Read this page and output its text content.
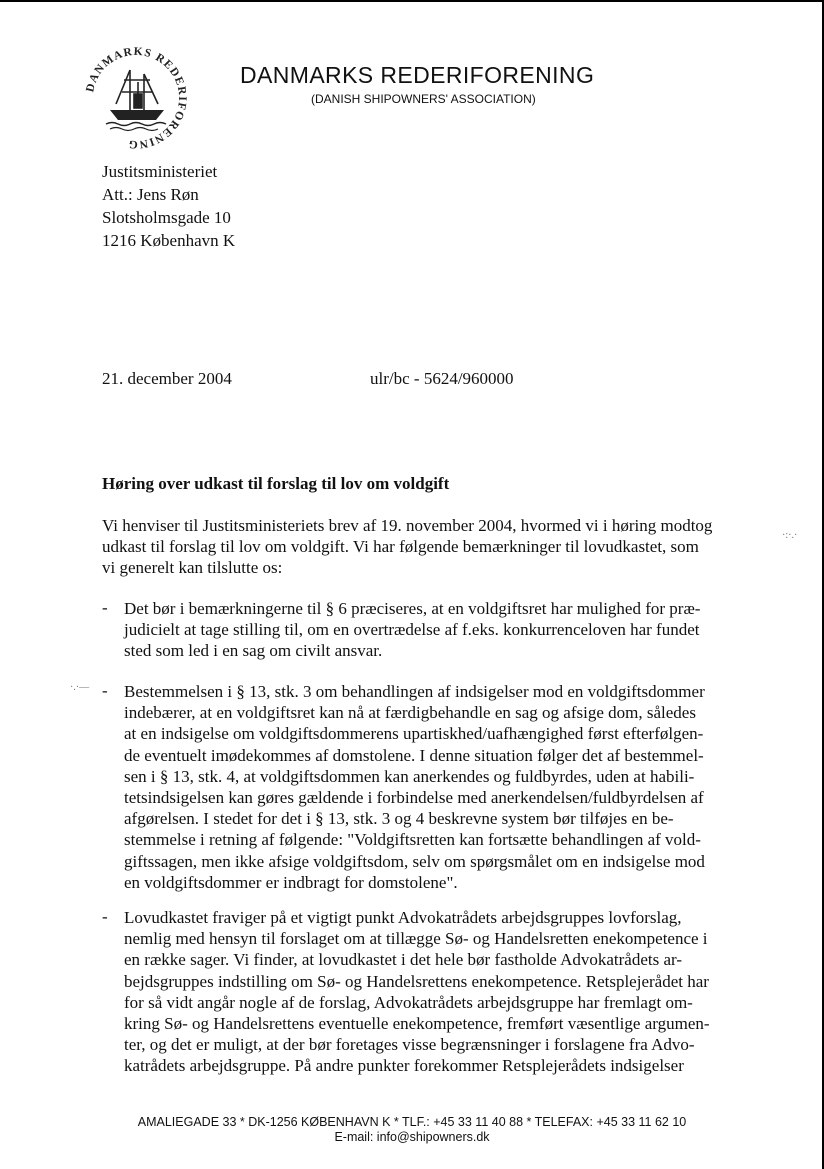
DANMARKS REDERIFORENING
DANMARKS REDERIFORENING
(DANISH SHIPOWNERS' ASSOCIATION)
Justitsministeriet
Att.: Jens Røn
Slotsholmsgade 10
1216 København K
21. december 2004	ulr/bc - 5624/960000
Høring over udkast til forslag til lov om voldgift
Vi henviser til Justitsministeriets brev af 19. november 2004, hvormed vi i høring modtog
udkast til forslag til lov om voldgift. Vi har følgende bemærkninger til lovudkastet, som
vi generelt kan tilslutte os:
- Det bør i bemærkningerne til § 6 præciseres, at en voldgiftsret har mulighed for præ-
judicielt at tage stilling til, om en overtrædelse af f.eks. konkurrenceloven har fundet
sted som led i en sag om civilt ansvar.
- Bestemmelsen i § 13, stk. 3 om behandlingen af indsigelser mod en voldgiftsdommer
indebærer, at en voldgiftsret kan nå at færdigbehandle en sag og afsige dom, således
at en indsigelse om voldgiftsdommerens upartiskhed/uafhængighed først efterfølgen-
de eventuelt imødekommes af domstolene. I denne situation følger det af bestemmel-
sen i § 13, stk. 4, at voldgiftsdommen kan anerkendes og fuldbyrdes, uden at habili-
tetsindsigelsen kan gøres gældende i forbindelse med anerkendelsen/fuldbyrdelsen af
afgørelsen. I stedet for det i § 13, stk. 3 og 4 beskrevne system bør tilføjes en be-
stemmelse i retning af følgende: "Voldgiftsretten kan fortsætte behandlingen af vold-
giftssagen, men ikke afsige voldgiftsdom, selv om spørgsmålet om en indsigelse mod
en voldgiftsdommer er indbragt for domstolene".
- Lovudkastet fraviger på et vigtigt punkt Advokatrådets arbejdsgruppes lovforslag,
nemlig med hensyn til forslaget om at tillægge Sø- og Handelsretten enekompetence i
en række sager. Vi finder, at lovudkastet i det hele bør fastholde Advokatrådets ar-
bejdsgruppes indstilling om Sø- og Handelsrettens enekompetence. Retsplejerådet har
for så vidt angår nogle af de forslag, Advokatrådets arbejdsgruppe har fremlagt om-
kring Sø- og Handelsrettens eventuelle enekompetence, fremført væsentlige argumen-
ter, og det er muligt, at der bør foretages visse begrænsninger i forslagene fra Advo-
katrådets arbejdsgruppe. På andre punkter forekommer Retsplejerådets indsigelser
·:·.·
·.·—
AMALIEGADE 33 * DK-1256 KØBENHAVN K * TLF.: +45 33 11 40 88 * TELEFAX: +45 33 11 62 10
E-mail: info@shipowners.dk
